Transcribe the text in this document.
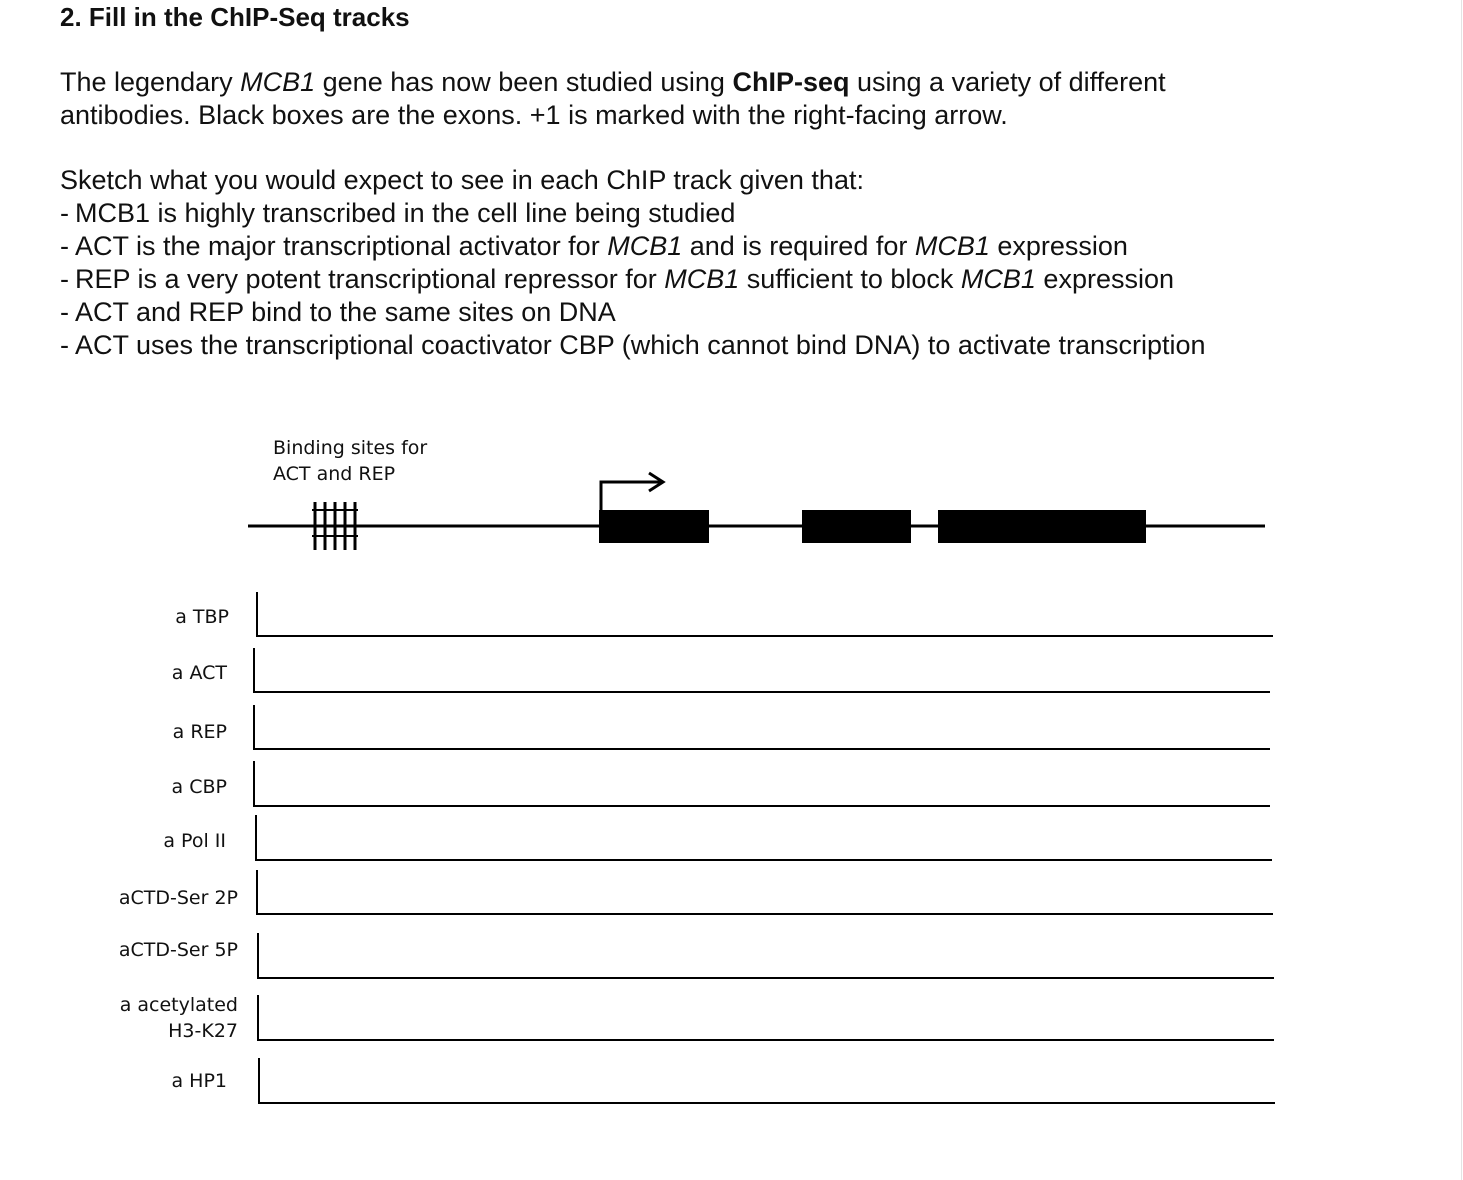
2. Fill in the ChIP-Seq tracks
The legendary MCB1 gene has now been studied using ChIP-seq using a variety of different
antibodies. Black boxes are the exons. +1 is marked with the right-facing arrow.
Sketch what you would expect to see in each ChIP track given that:
- MCB1 is highly transcribed in the cell line being studied
- ACT is the major transcriptional activator for MCB1 and is required for MCB1 expression
- REP is a very potent transcriptional repressor for MCB1 sufficient to block MCB1 expression
- ACT and REP bind to the same sites on DNA
- ACT uses the transcriptional coactivator CBP (which cannot bind DNA) to activate transcription
Binding sites for
ACT and REP
a TBP
a ACT
a REP
a CBP
a Pol II
aCTD-Ser 2P
aCTD-Ser 5P
a acetylated
H3-K27
a HP1
